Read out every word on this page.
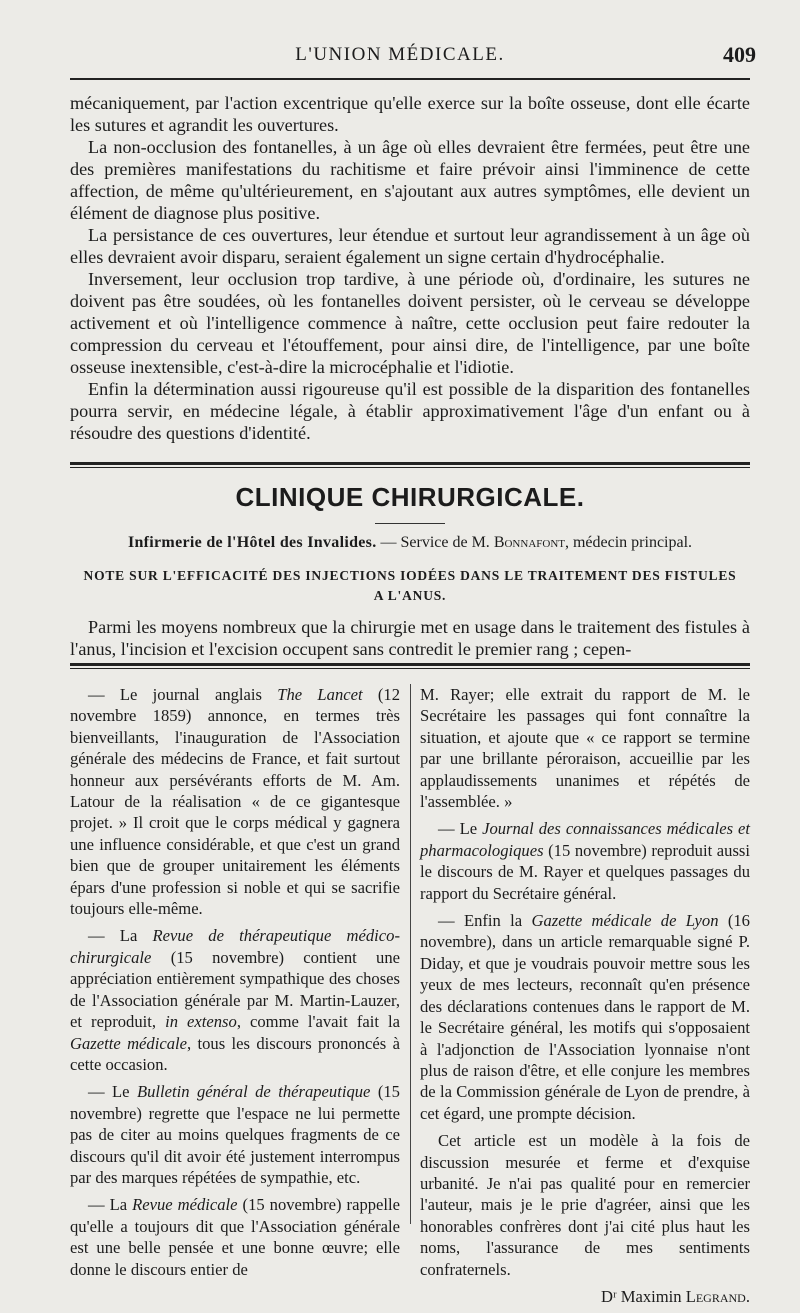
L'UNION MÉDICALE.	409

mécaniquement, par l'action excentrique qu'elle exerce sur la boîte osseuse, dont elle écarte les sutures et agrandit les ouvertures.

La non-occlusion des fontanelles, à un âge où elles devraient être fermées, peut être une des premières manifestations du rachitisme et faire prévoir ainsi l'imminence de cette affection, de même qu'ultérieurement, en s'ajoutant aux autres symptômes, elle devient un élément de diagnose plus positive.

La persistance de ces ouvertures, leur étendue et surtout leur agrandissement à un âge où elles devraient avoir disparu, seraient également un signe certain d'hydrocéphalie.

Inversement, leur occlusion trop tardive, à une période où, d'ordinaire, les sutures ne doivent pas être soudées, où les fontanelles doivent persister, où le cerveau se développe activement et où l'intelligence commence à naître, cette occlusion peut faire redouter la compression du cerveau et l'étouffement, pour ainsi dire, de l'intelligence, par une boîte osseuse inextensible, c'est-à-dire la microcéphalie et l'idiotie.

Enfin la détermination aussi rigoureuse qu'il est possible de la disparition des fontanelles pourra servir, en médecine légale, à établir approximativement l'âge d'un enfant ou à résoudre des questions d'identité.

CLINIQUE CHIRURGICALE.
Infirmerie de l'Hôtel des Invalides. — Service de M. Bonnafont, médecin principal.
NOTE SUR L'EFFICACITÉ DES INJECTIONS IODÉES DANS LE TRAITEMENT DES FISTULES
A L'ANUS.

Parmi les moyens nombreux que la chirurgie met en usage dans le traitement des fistules à l'anus, l'incision et l'excision occupent sans contredit le premier rang ; cepen-

— Le journal anglais The Lancet (12 novembre 1859) annonce, en termes très bienveillants, l'inauguration de l'Association générale des médecins de France, et fait surtout honneur aux persévérants efforts de M. Am. Latour de la réalisation « de ce gigantesque projet. » Il croit que le corps médical y gagnera une influence considérable, et que c'est un grand bien que de grouper unitairement les éléments épars d'une profession si noble et qui se sacrifie toujours elle-même.

— La Revue de thérapeutique médico-chirurgicale (15 novembre) contient une appréciation entièrement sympathique des choses de l'Association générale par M. Martin-Lauzer, et reproduit, in extenso, comme l'avait fait la Gazette médicale, tous les discours prononcés à cette occasion.

— Le Bulletin général de thérapeutique (15 novembre) regrette que l'espace ne lui permette pas de citer au moins quelques fragments de ce discours qu'il dit avoir été justement interrompus par des marques répétées de sympathie, etc.

— La Revue médicale (15 novembre) rappelle qu'elle a toujours dit que l'Association générale est une belle pensée et une bonne œuvre; elle donne le discours entier de

M. Rayer; elle extrait du rapport de M. le Secrétaire les passages qui font connaître la situation, et ajoute que « ce rapport se termine par une brillante péroraison, accueillie par les applaudissements unanimes et répétés de l'assemblée. »

— Le Journal des connaissances médicales et pharmacologiques (15 novembre) reproduit aussi le discours de M. Rayer et quelques passages du rapport du Secrétaire général.

— Enfin la Gazette médicale de Lyon (16 novembre), dans un article remarquable signé P. Diday, et que je voudrais pouvoir mettre sous les yeux de mes lecteurs, reconnaît qu'en présence des déclarations contenues dans le rapport de M. le Secrétaire général, les motifs qui s'opposaient à l'adjonction de l'Association lyonnaise n'ont plus de raison d'être, et elle conjure les membres de la Commission générale de Lyon de prendre, à cet égard, une prompte décision.

Cet article est un modèle à la fois de discussion mesurée et ferme et d'exquise urbanité. Je n'ai pas qualité pour en remercier l'auteur, mais je le prie d'agréer, ainsi que les honorables confrères dont j'ai cité plus haut les noms, l'assurance de mes sentiments confraternels.

Dʳ Maximin Legrand.
